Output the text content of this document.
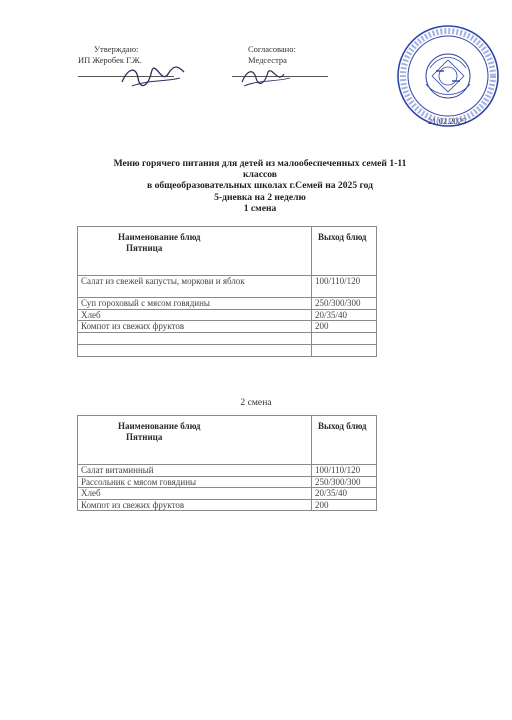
Утверждаю:
ИП Жеробек Г.Ж.
Согласовано:
Медсестра
21.02.2025
Меню горячего питания для детей из малообеспеченных семей 1-11
классов
в общеобразовательных школах г.Семей на 2025 год
5-дневка на 2 неделю
1 смена
Наименование блюд
Пятница	Выход блюд
Салат из свежей капусты, моркови и яблок	100/110/120
Суп гороховый с мясом говядины	250/300/300
Хлеб	20/35/40
Компот из свежих фруктов	200

2 смена
Наименование блюд
Пятница	Выход блюд
Салат витаминный	100/110/120
Рассольник с мясом говядины	250/300/300
Хлеб	20/35/40
Компот из свежих фруктов	200
